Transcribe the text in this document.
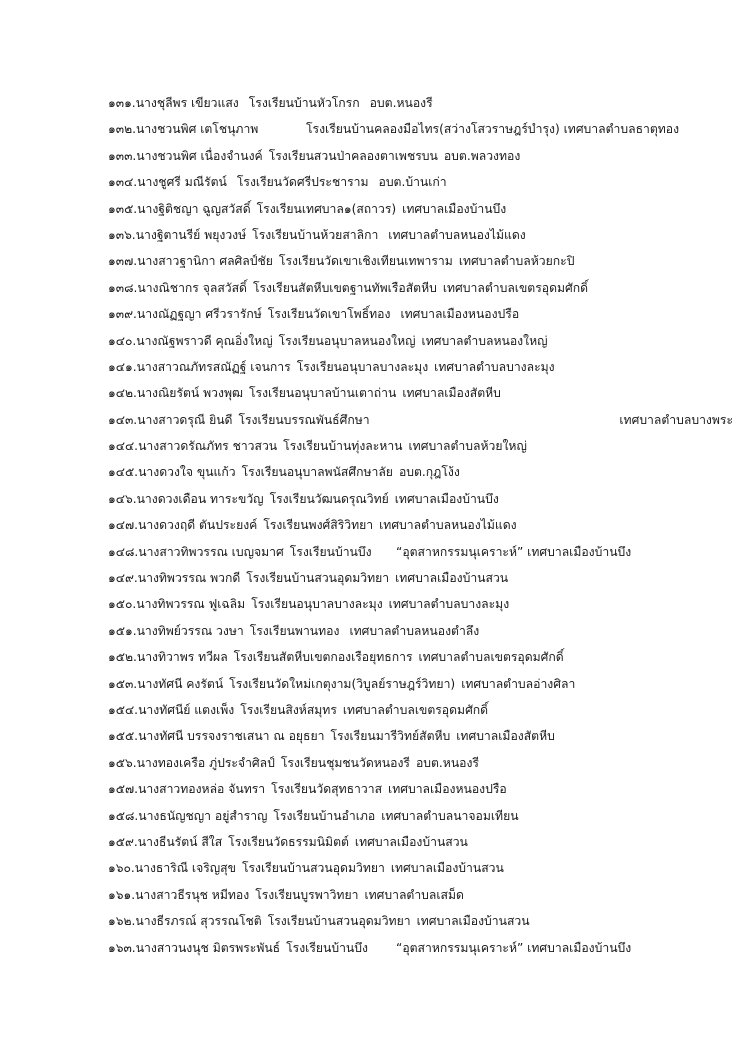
๑๓๑.นางชุลีพร เขียวแสง โรงเรียนบ้านหัวโกรก อบต.หนองรี
๑๓๒.นางชวนพิศ เตโชนุภาพ	โรงเรียนบ้านคลองมือไทร(สว่างโสวราษฎร์บำรุง) เทศบาลตำบลธาตุทอง
๑๓๓.นางชวนพิศ เนื่องจำนงค์ โรงเรียนสวนป่าคลองตาเพชรบน อบต.พลวงทอง
๑๓๔.นางชูศรี มณีรัตน์ โรงเรียนวัดศรีประชาราม อบต.บ้านเก่า
๑๓๕.นางฐิติชญา ฉูญสวัสดิ์ โรงเรียนเทศบาล๑(สถาวร) เทศบาลเมืองบ้านบึง
๑๓๖.นางฐิตานรีย์ พยุงวงษ์ โรงเรียนบ้านห้วยสาลิกา เทศบาลตำบลหนองไม้แดง
๑๓๗.นางสาวฐานิกา ศลศิลป์ชัย โรงเรียนวัดเขาเชิงเทียนเทพาราม เทศบาลตำบลห้วยกะปิ
๑๓๘.นางณิชากร จุลสวัสดิ์ โรงเรียนสัตหีบเขตฐานทัพเรือสัตหีบ เทศบาลตำบลเขตรอุดมศักดิ์
๑๓๙.นางณัฏฐญา ศรีวรารักษ์ โรงเรียนวัดเขาโพธิ์ทอง เทศบาลเมืองหนองปรือ
๑๔๐.นางณัฐพราวดี คุณอิ่งใหญ่ โรงเรียนอนุบาลหนองใหญ่ เทศบาลตำบลหนองใหญ่
๑๔๑.นางสาวณภัทรสณัฏฐ์ เจนการ โรงเรียนอนุบาลบางละมุง เทศบาลตำบลบางละมุง
๑๔๒.นางณิยรัตน์ พวงพุฒ โรงเรียนอนุบาลบ้านเตาถ่าน เทศบาลเมืองสัตหีบ
๑๔๓.นางสาวดรุณี ยินดี โรงเรียนบรรณพันธ์ศึกษา	เทศบาลตำบลบางพระ
๑๔๔.นางสาวดรัณภัทร ชาวสวน โรงเรียนบ้านทุ่งละหาน เทศบาลตำบลห้วยใหญ่
๑๔๕.นางดวงใจ ขุนแก้ว โรงเรียนอนุบาลพนัสศึกษาลัย อบต.กุฎโง้ง
๑๔๖.นางดวงเดือน ทาระขวัญ โรงเรียนวัฒนดรุณวิทย์ เทศบาลเมืองบ้านบึง
๑๔๗.นางดวงฤดี ตันประยงค์ โรงเรียนพงศ์สิริวิทยา เทศบาลตำบลหนองไม้แดง
๑๔๘.นางสาวทิพวรรณ เบญจมาศ โรงเรียนบ้านบึง “อุตสาหกรรมนุเคราะห์” เทศบาลเมืองบ้านบึง
๑๔๙.นางทิพวรรณ พวกดี โรงเรียนบ้านสวนอุดมวิทยา เทศบาลเมืองบ้านสวน
๑๕๐.นางทิพวรรณ ฟูเฉลิม โรงเรียนอนุบาลบางละมุง เทศบาลตำบลบางละมุง
๑๕๑.นางทิพย์วรรณ วงษา โรงเรียนพานทอง เทศบาลตำบลหนองตำลึง
๑๕๒.นางทิวาพร ทวีผล โรงเรียนสัตหีบเขตกองเรือยุทธการ เทศบาลตำบลเขตรอุดมศักดิ์
๑๕๓.นางทัศนี คงรัตน์ โรงเรียนวัดใหม่เกตุงาม(วิบูลย์ราษฎร์วิทยา) เทศบาลตำบลอ่างศิลา
๑๕๔.นางทัศนีย์ แตงเพ็ง โรงเรียนสิงห์สมุทร เทศบาลตำบลเขตรอุดมศักดิ์
๑๕๕.นางทัศนี บรรจงราชเสนา ณ อยุธยา โรงเรียนมารีวิทย์สัตหีบ เทศบาลเมืองสัตหีบ
๑๕๖.นางทองเครือ ภู่ประจำศิลป์ โรงเรียนชุมชนวัดหนองรี อบต.หนองรี
๑๕๗.นางสาวทองหล่อ จันทรา โรงเรียนวัดสุทธาวาส เทศบาลเมืองหนองปรือ
๑๕๘.นางธนัญชญา อยู่สำราญ โรงเรียนบ้านอำเภอ เทศบาลตำบลนาจอมเทียน
๑๕๙.นางธีนรัตน์ สีใส โรงเรียนวัดธรรมนิมิตต์ เทศบาลเมืองบ้านสวน
๑๖๐.นางธาริณี เจริญสุข โรงเรียนบ้านสวนอุดมวิทยา เทศบาลเมืองบ้านสวน
๑๖๑.นางสาวธีรนุช หมีทอง โรงเรียนบูรพาวิทยา เทศบาลตำบลเสม็ด
๑๖๒.นางธีรภรณ์ สุวรรณโชติ โรงเรียนบ้านสวนอุดมวิทยา เทศบาลเมืองบ้านสวน
๑๖๓.นางสาวนงนุช มิตรพระพันธ์ โรงเรียนบ้านบึง “อุตสาหกรรมนุเคราะห์” เทศบาลเมืองบ้านบึง
